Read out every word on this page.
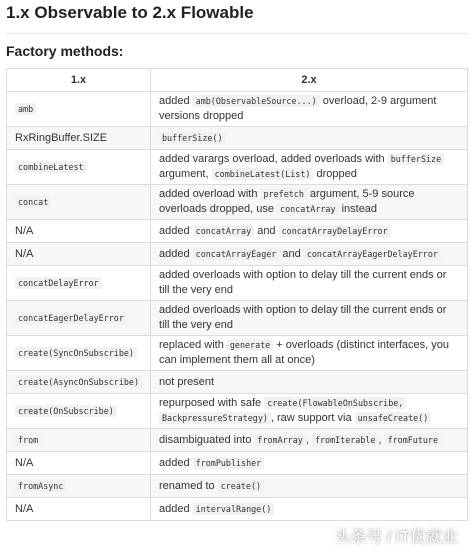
1.x Observable to 2.x Flowable
Factory methods:
1.x	2.x
amb	added amb(ObservableSource...) overload, 2-9 argument versions dropped
RxRingBuffer.SIZE	bufferSize()
combineLatest	added varargs overload, added overloads with bufferSize argument, combineLatest(List) dropped
concat	added overload with prefetch argument, 5-9 source overloads dropped, use concatArray instead
N/A	added concatArray and concatArrayDelayError
N/A	added concatArrayEager and concatArrayEagerDelayError
concatDelayError	added overloads with option to delay till the current ends or till the very end
concatEagerDelayError	added overloads with option to delay till the current ends or till the very end
create(SyncOnSubscribe)	replaced with generate + overloads (distinct interfaces, you can implement them all at once)
create(AsyncOnSubscribe)	not present
create(OnSubscribe)	repurposed with safe create(FlowableOnSubscribe, BackpressureStrategy) , raw support via unsafeCreate()
from	disambiguated into fromArray , fromIterable , fromFuture
N/A	added fromPublisher
fromAsync	renamed to create()
N/A	added intervalRange()
头条号 / IT优就业
